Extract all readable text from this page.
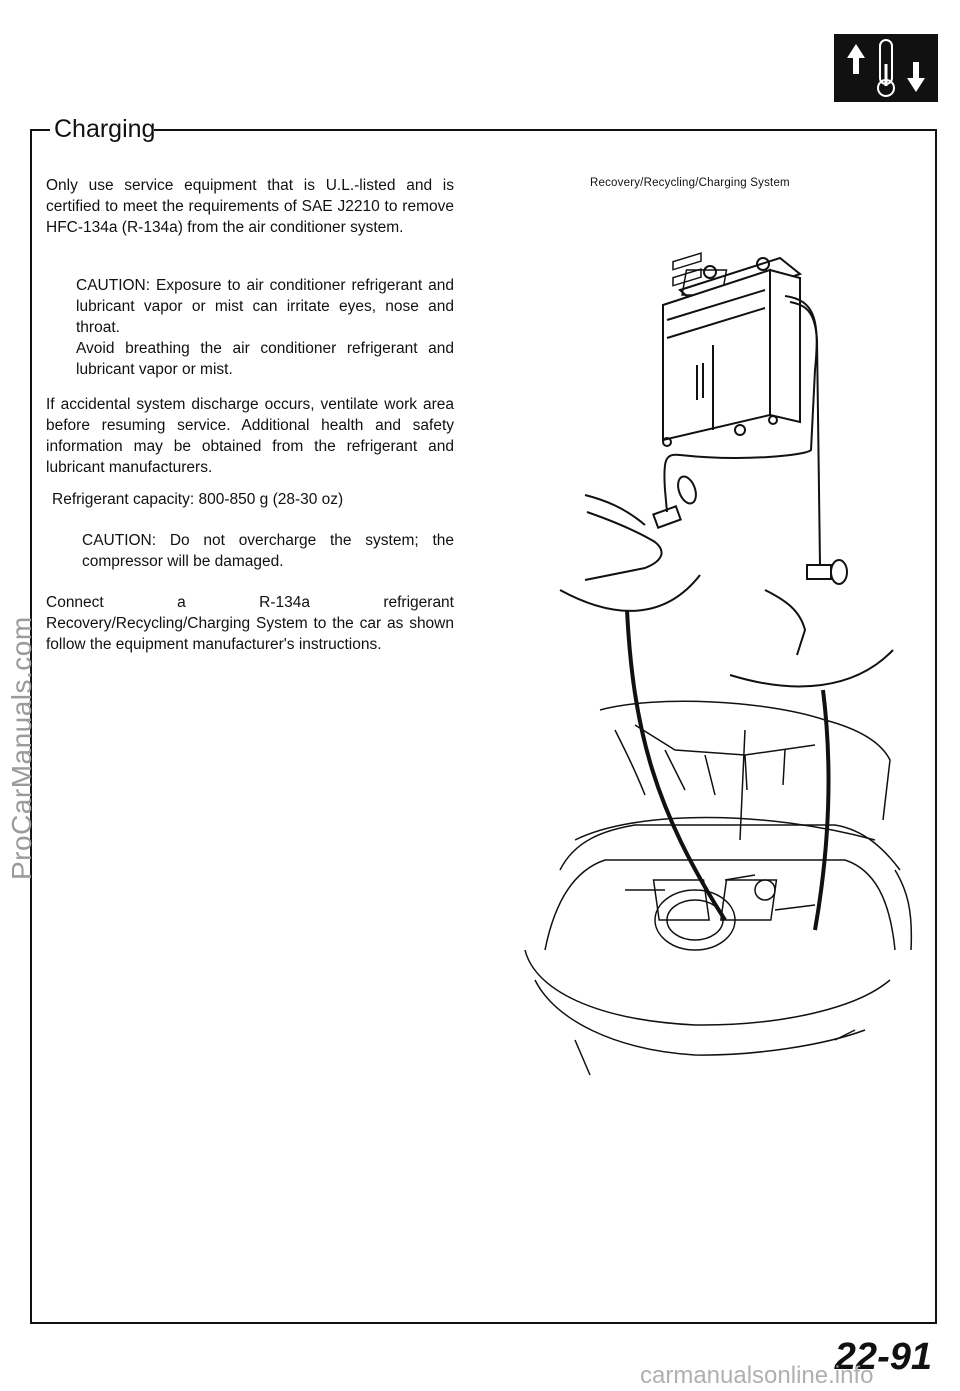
Charging
Only use service equipment that is U.L.-listed and is certified to meet the requirements of SAE J2210 to remove HFC-134a (R-134a) from the air conditioner system.
CAUTION: Exposure to air conditioner refrigerant and lubricant vapor or mist can irritate eyes, nose and throat.
Avoid breathing the air conditioner refrigerant and lubricant vapor or mist.
If accidental system discharge occurs, ventilate work area before resuming service. Additional health and safety information may be obtained from the refrigerant and lubricant manufacturers.
Refrigerant capacity: 800-850 g (28-30 oz)
CAUTION: Do not overcharge the system; the compressor will be damaged.
Connect a R-134a refrigerant Recovery/Recycling/Charging System to the car as shown follow the equipment manufacturer's instructions.
Recovery/Recycling/Charging System
ProCarManuals.com
22-91
carmanualsonline.info
